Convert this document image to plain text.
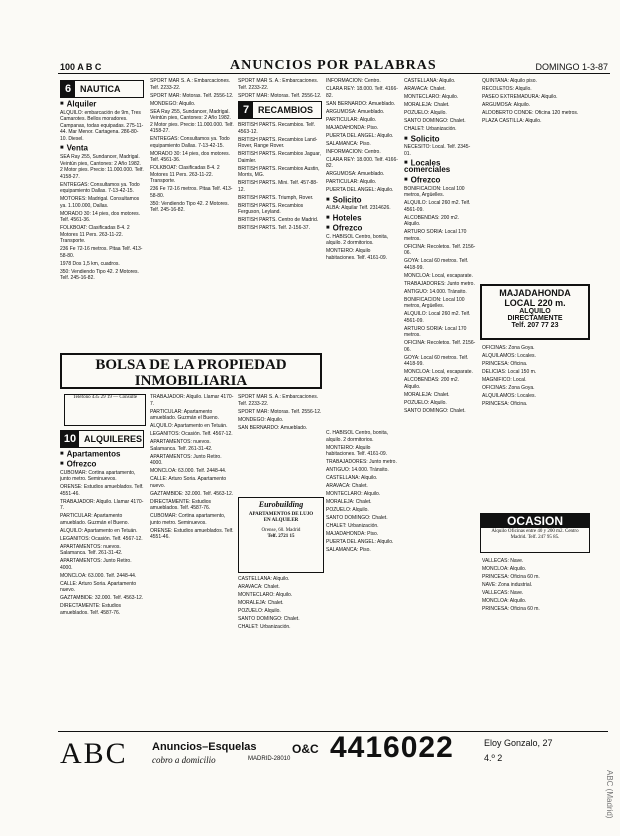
100 A B C	ANUNCIOS POR PALABRAS	DOMINGO 1-3-87
6 NAUTICA
■ Alquiler

ALQUILO: embarcación de 9m, Tres Camarotes. Bellos moradores. Campanas, todas equipadas. 275-11-44. Mar Menor. Cartagena. 286-80-10. Diesel.

■ Venta

SEA Ray 255, Sundancer, Madrigal. Veintún pies, Cantones: 2 Año 1982. 2 Motor pies. Precio: 11.000.000. Telf. 4158-27.

ENTREGAS: Consultamos ya. Todo equipamiento Dallas. 7-13-42-15.

MOTORES: Madrigal. Consultamos ya. 1.100.000, Dallas.

MORADO 30: 14 pies, dos motores. Telf. 4561-36.

FOLKBOAT: Clasificadas 8-4. 2 Motores 11 Pers. 263-11-22. Transporte.

236 Fe 72-16 metros. Pitaa Telf. 413-58-80.

1978 Dos 1,5 km, cuadros.

350: Vendiendo Tipo 42. 2 Motores. Telf. 245-16-82.

SPORT MAR S. A.: Embarcaciones. Telf. 2233-22.

SPORT MAR: Motoras. Telf. 2556-12.

MONDEGO: Alquilo.

SEA Ray 255, Sundancer, Madrigal. Veintún pies, Cantones: 2 Año 1982. 2 Motor pies. Precio: 11.000.000. Telf. 4158-27.

ENTREGAS: Consultamos ya. Todo equipamiento Dallas. 7-13-42-15.

MORADO 30: 14 pies, dos motores. Telf. 4561-36.

FOLKBOAT: Clasificadas 8-4. 2 Motores 11 Pers. 263-11-22. Transporte.

236 Fe 72-16 metros. Pitaa Telf. 413-58-80.

350: Vendiendo Tipo 42. 2 Motores. Telf. 245-16-82.

SPORT MAR S. A.: Embarcaciones. Telf. 2233-22.

SPORT MAR: Motoras. Telf. 2556-12.

7 RECAMBIOS

BRITISH PARTS. Recambios. Telf. 4563-12.

BRITISH PARTS. Recambios Land-Rover, Range Rover.

BRITISH PARTS. Recambios Jaguar, Daimler.

BRITISH PARTS. Recambios Austin, Morris, MG.

BRITISH PARTS. Mini. Telf. 457-88-12.

BRITISH PARTS. Triumph, Rover.

BRITISH PARTS. Recambios Ferguson, Leyland.

BRITISH PARTS. Centro de Madrid.

BRITISH PARTS. Telf. 2-156-37.

INFORMACION: Centro.

CLARA REY: 18.000. Telf. 4166-82.

SAN BERNARDO: Amueblado.

ARGUMOSA: Amueblado.

PARTICULAR: Alquilo.

MAJADAHONDA: Piso.

PUERTA DEL ANGEL: Alquilo.

SALAMANCA: Piso.

INFORMACION: Centro.

CLARA REY: 18.000. Telf. 4166-82.

ARGUMOSA: Amueblado.

PARTICULAR: Alquilo.

PUERTA DEL ANGEL: Alquilo.

■ Solicito

ALBA: Alquilar Telf. 2314626.

■ Hoteles
■ Ofrezco

C. HABISOL Centro, bonita, alquilo. 2 dormitorios.

MONTEIRO: Alquilo habitaciones. Telf. 4161-09.

CASTELLANA: Alquilo.

ARAVACA: Chalet.

MONTECLARO: Alquilo.

MORALEJA: Chalet.

POZUELO: Alquilo.

SANTO DOMINGO: Chalet.

CHALET: Urbanización.

■ Solicito

NECESITO: Local. Telf. 2345-01.

■ Locales comerciales
■ Ofrezco

BONIFICACION: Local 100 metros, Argüelles.

ALQUILO: Local 260 m2. Telf. 4561-09.

ALCOBENDAS: 200 m2. Alquilo.

ARTURO SORIA: Local 170 metros.

OFICINA: Recoletos. Telf. 2156-06.

GOYA: Local 60 metros. Telf. 4418-99.

MONCLOA: Local, escaparate.

TRABAJADORES: Junto metro.

ANTIGUO: 14.000. Tránsito.

BONIFICACION: Local 100 metros, Argüelles.

ALQUILO: Local 260 m2. Telf. 4561-09.

ARTURO SORIA: Local 170 metros.

OFICINA: Recoletos. Telf. 2156-06.

GOYA: Local 60 metros. Telf. 4418-99.

MONCLOA: Local, escaparate.

ALCOBENDAS: 200 m2. Alquilo.

MORALEJA: Chalet.

POZUELO: Alquilo.

SANTO DOMINGO: Chalet.

QUINTANA: Alquilo piso.

RECOLETOS: Alquilo.

PASEO EXTREMADURA: Alquilo.

ARGUMOSA: Alquilo.

ALDOBERTO CONDE: Oficina 120 metros.

PLAZA CASTILLA: Alquilo.

MAJADAHONDA
LOCAL 220 m.
ALQUILO
DIRECTAMENTE
Telf. 207 77 23

OFICINAS: Zona Goya.

ALQUILAMOS: Locales.

PRINCESA: Oficina.

DELICIAS: Local 150 m.

MAGNIFICO: Local.

OFICINAS: Zona Goya.

ALQUILAMOS: Locales.

PRINCESA: Oficina.

OCASION
Alquilo Oficinas entre 40 y 200 m2. Centro Madrid. Telf. 247 95 85.

VALLECAS: Nave.

MONCLOA: Alquilo.

PRINCESA: Oficina 60 m.

NAVE: Zona industrial.

VALLECAS: Nave.

MONCLOA: Alquilo.

PRINCESA: Oficina 60 m.

BOLSA DE LA PROPIEDAD
INMOBILIARIA
Teléfono 435 29 19 — Consulte
10 ALQUILERES
■ Apartamentos
■ Ofrezco

CUBOMAR: Cortina apartamento, junto metro. Seminuevos.

ORENSE: Estudios amueblados. Telf. 4551-46.

TRABAJADOR: Alquilo. Llamar 4170-7.

PARTICULAR: Apartamento amueblado. Guzmán el Bueno.

ALQUILO: Apartamento en Tetuán.

LEGANITOS: Ocasión. Telf. 4567-12.

APARTAMENTOS: nuevos. Salamanca. Telf. 261-31-42.

APARTAMENTOS: Junto Retiro. 4000.

MONCLOA: 63.000. Telf. 2448-44.

CALLE: Arturo Soria. Apartamento nuevo.

GAZTAMBIDE: 32.000. Telf. 4563-12.

DIRECTAMENTE: Estudios amueblados. Telf. 4587-76.

TRABAJADOR: Alquilo. Llamar 4170-7.

PARTICULAR: Apartamento amueblado. Guzmán el Bueno.

ALQUILO: Apartamento en Tetuán.

LEGANITOS: Ocasión. Telf. 4567-12.

APARTAMENTOS: nuevos. Salamanca. Telf. 261-31-42.

APARTAMENTOS: Junto Retiro. 4000.

MONCLOA: 63.000. Telf. 2448-44.

CALLE: Arturo Soria. Apartamento nuevo.

GAZTAMBIDE: 32.000. Telf. 4563-12.

DIRECTAMENTE: Estudios amueblados. Telf. 4587-76.

CUBOMAR: Cortina apartamento, junto metro. Seminuevos.

ORENSE: Estudios amueblados. Telf. 4551-46.

SPORT MAR S. A.: Embarcaciones. Telf. 2233-22.

SPORT MAR: Motoras. Telf. 2556-12.

MONDEGO: Alquilo.

SAN BERNARDO: Amueblado.

Eurobuilding
APARTAMENTOS DE LUJO
EN ALQUILER
Orense, 60. Madrid
Telf. 2721 15

CASTELLANA: Alquilo.

ARAVACA: Chalet.

MONTECLARO: Alquilo.

MORALEJA: Chalet.

POZUELO: Alquilo.

SANTO DOMINGO: Chalet.

CHALET: Urbanización.

C. HABISOL Centro, bonita, alquilo. 2 dormitorios.

MONTEIRO: Alquilo habitaciones. Telf. 4161-09.

TRABAJADORES: Junto metro.

ANTIGUO: 14.000. Tránsito.

CASTELLANA: Alquilo.

ARAVACA: Chalet.

MONTECLARO: Alquilo.

MORALEJA: Chalet.

POZUELO: Alquilo.

SANTO DOMINGO: Chalet.

CHALET: Urbanización.

MAJADAHONDA: Piso.

PUERTA DEL ANGEL: Alquilo.

SALAMANCA: Piso.

ABC Anuncios–Esquelas
cobro a domicilio	MADRID-28010
O&C 4416022	Eloy Gonzalo, 27
4.º 2
ABC (Madrid)
